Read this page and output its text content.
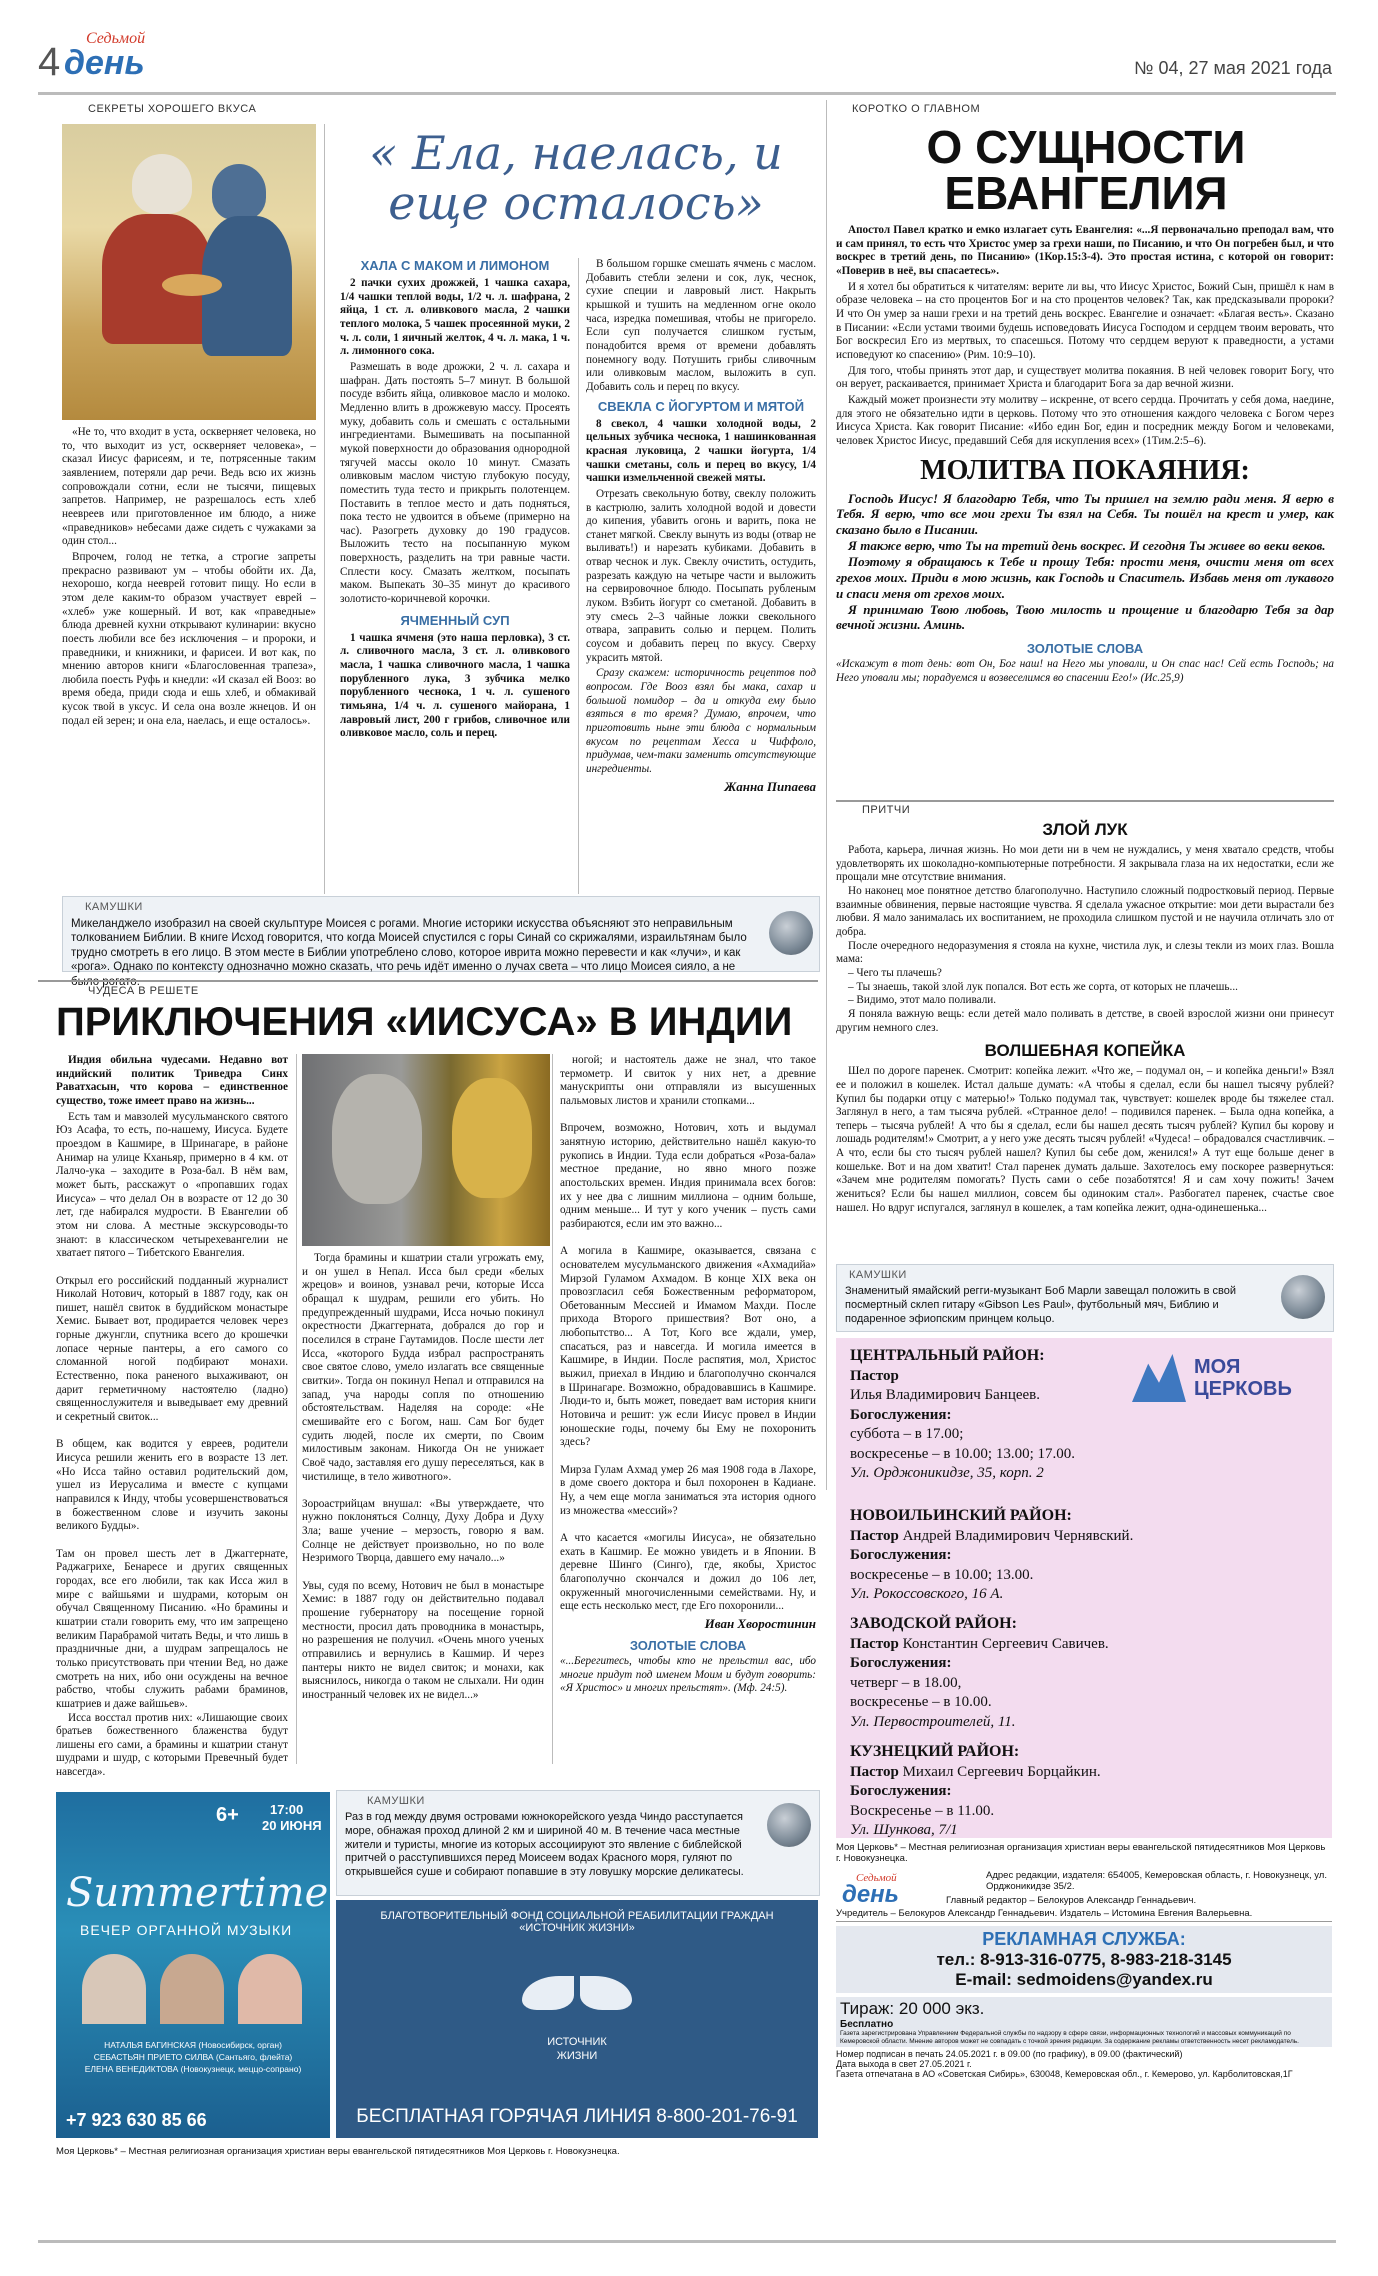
4
Седьмой
день	№ 04, 27 мая 2021 года
СЕКРЕТЫ ХОРОШЕГО ВКУСА

«Не то, что входит в уста, оскверняет человека, но то, что выходит из уст, оскверняет человека», – сказал Иисус фарисеям, и те, потрясенные таким заявлением, потеряли дар речи. Ведь всю их жизнь сопровождали сотни, если не тысячи, пищевых запретов. Например, не разрешалось есть хлеб неевреев или приготовленное им блюдо, а ниже «праведников» небесами даже сидеть с чужаками за один стол...

Впрочем, голод не тетка, а строгие запреты прекрасно развивают ум – чтобы обойти их. Да, нехорошо, когда нееврей готовит пищу. Но если в этом деле каким-то образом участвует еврей – «хлеб» уже кошерный. И вот, как «праведные» блюда древней кухни открывают кулинарии: вкусно поесть любили все без исключения – и пророки, и праведники, и книжники, и фарисеи. И вот как, по мнению авторов книги «Благословенная трапеза», любила поесть Руфь и кнедли: «И сказал ей Вооз: во время обеда, приди сюда и ешь хлеб, и обмакивай кусок твой в уксус. И села она возле жнецов. И он подал ей зерен; и она ела, наелась, и еще осталось».

« Ела, наелась, и еще осталось»
ХАЛА С МАКОМ И ЛИМОНОМ

2 пачки сухих дрожжей, 1 чашка сахара, 1/4 чашки теплой воды, 1/2 ч. л. шафрана, 2 яйца, 1 ст. л. оливкового масла, 2 чашки теплого молока, 5 чашек просеянной муки, 2 ч. л. соли, 1 яичный желток, 4 ч. л. мака, 1 ч. л. лимонного сока.

Размешать в воде дрожжи, 2 ч. л. сахара и шафран. Дать постоять 5–7 минут. В большой посуде взбить яйца, оливковое масло и молоко. Медленно влить в дрожжевую массу. Просеять муку, добавить соль и смешать с остальными ингредиентами. Вымешивать на посыпанной мукой поверхности до образования однородной тягучей массы около 10 минут. Смазать оливковым маслом чистую глубокую посуду, поместить туда тесто и прикрыть полотенцем. Поставить в теплое место и дать подняться, пока тесто не удвоится в объеме (примерно на час). Разогреть духовку до 190 градусов. Выложить тесто на посыпанную муком поверхность, разделить на три равные части. Сплести косу. Смазать желтком, посыпать маком. Выпекать 30–35 минут до красивого золотисто-коричневой корочки.

ЯЧМЕННЫЙ СУП

1 чашка ячменя (это наша перловка), 3 ст. л. сливочного масла, 3 ст. л. оливкового масла, 1 чашка сливочного масла, 1 чашка порубленного лука, 3 зубчика мелко порубленного чеснока, 1 ч. л. сушеного тимьяна, 1/4 ч. л. сушеного майорана, 1 лавровый лист, 200 г грибов, сливочное или оливковое масло, соль и перец.

В большом горшке смешать ячмень с маслом. Добавить стебли зелени и сок, лук, чеснок, сухие специи и лавровый лист. Накрыть крышкой и тушить на медленном огне около часа, изредка помешивая, чтобы не пригорело. Если суп получается слишком густым, понадобится время от времени добавлять понемногу воду. Потушить грибы сливочным или оливковым маслом, выложить в суп. Добавить соль и перец по вкусу.

СВЕКЛА С ЙОГУРТОМ И МЯТОЙ

8 свекол, 4 чашки холодной воды, 2 цельных зубчика чеснока, 1 нашинкованная красная луковица, 2 чашки йогурта, 1/4 чашки сметаны, соль и перец во вкусу, 1/4 чашки измельченной свежей мяты.

Отрезать свекольную ботву, свеклу положить в кастрюлю, залить холодной водой и довести до кипения, убавить огонь и варить, пока не станет мягкой. Свеклу вынуть из воды (отвар не выливать!) и нарезать кубиками. Добавить в отвар чеснок и лук. Свеклу очистить, остудить, разрезать каждую на четыре части и выложить на сервировочное блюдо. Посыпать рубленым луком. Взбить йогурт со сметаной. Добавить в эту смесь 2–3 чайные ложки свекольного отвара, заправить солью и перцем. Полить соусом и добавить перец по вкусу. Сверху украсить мятой.

Сразу скажем: историчность рецептов под вопросом. Где Вооз взял бы мака, сахар и большой помидор – да и откуда ему было взяться в то время? Думаю, впрочем, что приготовить ныне эти блюда с нормальным вкусом по рецептам Хесса и Чиффоло, придумав, чем-таки заменить отсутствующие ингредиенты.

Жанна Пипаева
КАМУШКИ
Микеланджело изобразил на своей скульптуре Моисея с рогами. Многие историки искусства объясняют это неправильным толкованием Библии. В книге Исход говорится, что когда Моисей спустился с горы Синай со скрижалями, израильтянам было трудно смотреть в его лицо. В этом месте в Библии употреблено слово, которое иврита можно перевести и как «лучи», и как «рога». Однако по контексту однозначно можно сказать, что речь идёт именно о лучах света – что лицо Моисея сияло, а не было рогато.
КОРОТКО О ГЛАВНОМ
О СУЩНОСТИ
ЕВАНГЕЛИЯ

Апостол Павел кратко и емко излагает суть Евангелия: «...Я первоначально преподал вам, что и сам принял, то есть что Христос умер за грехи наши, по Писанию, и что Он погребен был, и что воскрес в третий день, по Писанию» (1Кор.15:3-4). Это простая истина, с которой он говорит: «Поверив в неё, вы спасаетесь».

И я хотел бы обратиться к читателям: верите ли вы, что Иисус Христос, Божий Сын, пришёл к нам в образе человека – на сто процентов Бог и на сто процентов человек? Так, как предсказывали пророки? И что Он умер за наши грехи и на третий день воскрес. Евангелие и означает: «Благая весть». Сказано в Писании: «Если устами твоими будешь исповедовать Иисуса Господом и сердцем твоим веровать, что Бог воскресил Его из мертвых, то спасешься. Потому что сердцем веруют к праведности, а устами исповедуют ко спасению» (Рим. 10:9–10).

Для того, чтобы принять этот дар, и существует молитва покаяния. В ней человек говорит Богу, что он верует, раскаивается, принимает Христа и благодарит Бога за дар вечной жизни.

Каждый может произнести эту молитву – искренне, от всего сердца. Прочитать у себя дома, наедине, для этого не обязательно идти в церковь. Потому что это отношения каждого человека с Богом через Иисуса Христа. Как говорит Писание: «Ибо един Бог, един и посредник между Богом и человеками, человек Христос Иисус, предавший Себя для искупления всех» (1Тим.2:5–6).

МОЛИТВА ПОКАЯНИЯ:

Господь Иисус! Я благодарю Тебя, что Ты пришел на землю ради меня. Я верю в Тебя. Я верю, что все мои грехи Ты взял на Себя. Ты пошёл на крест и умер, как сказано было в Писании.

Я также верю, что Ты на третий день воскрес. И сегодня Ты живее во веки веков.

Поэтому я обращаюсь к Тебе и прошу Тебя: прости меня, очисти меня от всех грехов моих. Приди в мою жизнь, как Господь и Спаситель. Избавь меня от лукавого и спаси меня от грехов моих.

Я принимаю Твою любовь, Твою милость и прощение и благодарю Тебя за дар вечной жизни. Аминь.

ЗОЛОТЫЕ СЛОВА

«Искажут в тот день: вот Он, Бог наш! на Него мы уповали, и Он спас нас! Сей есть Господь; на Него уповали мы; порадуемся и возвеселимся во спасении Его!» (Ис.25,9)

ПРИТЧИ
ЗЛОЙ ЛУК

Работа, карьера, личная жизнь. Но мои дети ни в чем не нуждались, у меня хватало средств, чтобы удовлетворять их шоколадно-компьютерные потребности. Я закрывала глаза на их недостатки, если же прощали мне отсутствие внимания.

Но наконец мое понятное детство благополучно. Наступило сложный подростковый период. Первые взаимные обвинения, первые настоящие чувства. Я сделала ужасное открытие: мои дети вырастали без любви. Я мало занималась их воспитанием, не проходила слишком пустой и не научила отличать зло от добра.

После очередного недоразумения я стояла на кухне, чистила лук, и слезы текли из моих глаз. Вошла мама:

– Чего ты плачешь?

– Ты знаешь, такой злой лук попался. Вот есть же сорта, от которых не плачешь...

– Видимо, этот мало поливали.

Я поняла важную вещь: если детей мало поливать в детстве, в своей взрослой жизни они принесут другим немного слез.

ВОЛШЕБНАЯ КОПЕЙКА

Шел по дороге паренек. Смотрит: копейка лежит. «Что же, – подумал он, – и копейка деньги!» Взял ее и положил в кошелек. Истал дальше думать: «А чтобы я сделал, если бы нашел тысячу рублей? Купил бы подарки отцу с матерью!» Только подумал так, чувствует: кошелек вроде бы тяжелее стал. Заглянул в него, а там тысяча рублей. «Странное дело! – подивился паренек. – Была одна копейка, а теперь – тысяча рублей! А что бы я сделал, если бы нашел десять тысяч рублей? Купил бы корову и лошадь родителям!» Смотрит, а у него уже десять тысяч рублей! «Чудеса! – обрадовался счастливчик. – А что, если бы сто тысяч рублей нашел? Купил бы себе дом, женился!» А тут еще больше денег в кошельке. Вот и на дом хватит! Стал паренек думать дальше. Захотелось ему поскорее развернуться: «Зачем мне родителям помогать? Пусть сами о себе позаботятся! Я и сам хочу пожить! Зачем жениться? Если бы нашел миллион, совсем бы одиноким стал». Разбогател паренек, счастье свое нашел. Но вдруг испугался, заглянул в кошелек, а там копейка лежит, одна-одинешенька...

КАМУШКИ
Знаменитый ямайский регги-музыкант Боб Марли завещал положить в свой посмертный склеп гитару «Gibson Les Paul», футбольный мяч, Библию и подаренное эфиопским принцем кольцо.
МОЯ
ЦЕРКОВЬ
ЦЕНТРАЛЬНЫЙ РАЙОН:
Пастор
Илья Владимирович Банцеев.
Богослужения:
суббота – в 17.00;
воскресенье – в 10.00; 13.00; 17.00.
Ул. Орджоникидзе, 35, корп. 2
НОВОИЛЬИНСКИЙ РАЙОН:
Пастор Андрей Владимирович Чернявский.
Богослужения:
воскресенье – в 10.00; 13.00.
Ул. Рокоссовского, 16 А.
ЗАВОДСКОЙ РАЙОН:
Пастор Константин Сергеевич Савичев.
Богослужения:
четверг – в 18.00,
воскресенье – в 10.00.
Ул. Первостроителей, 11.
КУЗНЕЦКИЙ РАЙОН:
Пастор Михаил Сергеевич Борцайкин.
Богослужения:
Воскресенье – в 11.00.
Ул. Шункова, 7/1
Моя Церковь* – Местная религиозная организация христиан веры евангельской пятидесятников Моя Церковь г. Новокузнецка.
ЧУДЕСА В РЕШЕТЕ
ПРИКЛЮЧЕНИЯ «ИИСУСА» В ИНДИИ

Индия обильна чудесами. Недавно вот индийский политик Триведра Синх Раватхасын, что корова – единственное существо, тоже имеет право на жизнь...

Есть там и мавзолей мусульманского святого Юз Асафа, то есть, по-нашему, Иисуса. Будете проездом в Кашмире, в Шринагаре, в районе Анимар на улице Кханьяр, примерно в 4 км. от Лалчо-ука – заходите в Роза-бал. В нём вам, может быть, расскажут о «пропавших годах Иисуса» – что делал Он в возрасте от 12 до 30 лет, где набирался мудрости. В Евангелии об этом ни слова. А местные экскурсоводы-то знают: в классическом четырехевангелии не хватает пятого – Тибетского Евангелия.

Открыл его российский подданный журналист Николай Нотович, который в 1887 году, как он пишет, нашёл свиток в буддийском монастыре Хемис. Бывает вот, продирается человек через горные джунгли, спутника всего до крошечки лопасе черные пантеры, а его самого со сломанной ногой подбирают монахи. Естественно, пока раненого выхаживают, он дарит герметичному настоятелю (ладно) священнослужителя и выведывает ему древний и секретный свиток...

В общем, как водится у евреев, родители Иисуса решили женить его в возрасте 13 лет. «Но Исса тайно оставил родительский дом, ушел из Иерусалима и вместе с купцами направился к Инду, чтобы усовершенствоваться в божественном слове и изучить законы великого Будды».

Там он провел шесть лет в Джаггернате, Раджагрихе, Бенаресе и других священных городах, все его любили, так как Исса жил в мире с вайшьями и шудрами, которым он обучал Священному Писанию. «Но брамины и кшатрии стали говорить ему, что им запрещено великим Парабрамой читать Веды, и что лишь в праздничные дни, а шудрам запрещалось не только присутствовать при чтении Вед, но даже смотреть на них, ибо они осуждены на вечное рабство, чтобы служить рабами браминов, кшатриев и даже вайшьев».

Исса восстал против них: «Лишающие своих братьев божественного блаженства будут лишены его сами, а брамины и кшатрии станут шудрами и шудр, с которыми Превечный будет навсегда».

Тогда брамины и кшатрии стали угрожать ему, и он ушел в Непал. Исса был среди «белых жрецов» и воинов, узнавал речи, которые Исса обращал к шудрам, решили его убить. Но предупрежденный шудрами, Исса ночью покинул окрестности Джаггерната, добрался до гор и поселился в стране Гаутамидов. После шести лет Исса, «которого Будда избрал распространять свое святое слово, умело излагать все священные свитки». Тогда он покинул Непал и отправился на запад, уча народы сопля по отношению обстоятельствам. Наделяя на сороде: «Не смешивайте его с Богом, наш. Сам Бог будет судить людей, после их смерти, по Своим милостивым законам. Никогда Он не унижает Своё чадо, заставляя его душу переселяться, как в чистилище, в тело животного».

Зороастрийцам внушал: «Вы утверждаете, что нужно поклоняться Солнцу, Духу Добра и Духу Зла; ваше учение – мерзость, говорю я вам. Солнце не действует произвольно, но по воле Незримого Творца, давшего ему начало...»

Увы, судя по всему, Нотович не был в монастыре Хемис: в 1887 году он действительно подавал прошение губернатору на посещение горной местности, просил дать проводника в монастырь, но разрешения не получил. «Очень много ученых отправились и вернулись в Кашмир. И через пантеры никто не видел свиток; и монахи, как выяснилось, никогда о таком не слыхали. Ни один иностранный человек их не видел...»

ногой; и настоятель даже не знал, что такое термометр. И свиток у них нет, а древние манускрипты они отправляли из высушенных пальмовых листов и хранили стопками...

Впрочем, возможно, Нотович, хоть и выдумал занятную историю, действительно нашёл какую-то рукопись в Индии. Туда если добраться «Роза-бала» местное предание, но явно много позже апостольских времен. Индия принимала всех богов: их у нее два с лишним миллиона – одним больше, одним меньше... И тут у кого ученик – пусть сами разбираются, если им это важно...

А могила в Кашмире, оказывается, связана с основателем мусульманского движения «Ахмадийа» Мирзой Гуламом Ахмадом. В конце XIX века он провозгласил себя Божественным реформатором, Обетованным Мессией и Имамом Махди. После прихода Второго пришествия? Вот оно, а любопытство... А Тот, Кого все ждали, умер, спасаться, раз и навсегда. И могила имеется в Кашмире, в Индии. После распятия, мол, Христос выжил, приехал в Индию и благополучно скончался в Шринагаре. Возможно, обрадовавшись в Кашмире. Люди-то и, быть может, поведает вам история книги Нотовича и решит: уж если Иисус провел в Индии юношеские годы, почему бы Ему не похоронить здесь?

Мирза Гулам Ахмад умер 26 мая 1908 года в Лахоре, в доме своего доктора и был похоронен в Кадиане. Ну, а чем еще могла заниматься эта история одного из множества «мессий»?

А что касается «могилы Иисуса», не обязательно ехать в Кашмир. Ее можно увидеть и в Японии. В деревне Шинго (Синго), где, якобы, Христос благополучно скончался и дожил до 106 лет, окруженный многочисленными семействами. Ну, и еще есть несколько мест, где Его похоронили...

Иван Хворостинин
ЗОЛОТЫЕ СЛОВА

«...Берегитесь, чтобы кто не прельстил вас, ибо многие придут под именем Моим и будут говорить: «Я Христос» и многих прельстят». (Мф. 24:5).

6+ 17:00
20 ИЮНЯ
Summertime
ВЕЧЕР ОРГАННОЙ МУЗЫКИ
НАТАЛЬЯ БАГИНСКАЯ (Новосибирск, орган)
СЕБАСТЬЯН ПРИЕТО СИЛВА (Сантьяго, флейта)
ЕЛЕНА ВЕНЕДИКТОВА (Новокузнецк, меццо-сопрано)
+7 923 630 85 66
КАМУШКИ
Раз в год между двумя островами южнокорейского уезда Чиндо расступается море, обнажая проход длиной 2 км и шириной 40 м. В течение часа местные жители и туристы, многие из которых ассоциируют это явление с библейской притчей о расступившихся перед Моисеем водах Красного моря, гуляют по открывшейся суше и собирают попавшие в эту ловушку морские деликатесы.
БЛАГОТВОРИТЕЛЬНЫЙ ФОНД СОЦИАЛЬНОЙ РЕАБИЛИТАЦИИ ГРАЖДАН «ИСТОЧНИК ЖИЗНИ»
ИСТОЧНИК
ЖИЗНИ
БЕСПЛАТНАЯ ГОРЯЧАЯ ЛИНИЯ 8-800-201-76-91
Седьмой
день
Адрес редакции, издателя: 654005, Кемеровская область, г. Новокузнецк, ул. Орджоникидзе 35/2.
Главный редактор – Белокуров Александр Геннадьевич.
Учредитель – Белокуров Александр Геннадьевич. Издатель – Истомина Евгения Валерьевна.
РЕКЛАМНАЯ СЛУЖБА:
тел.: 8-913-316-0775, 8-983-218-3145
E-mail: sedmoidens@yandex.ru
Тираж: 20 000 экз.
Бесплатно
Газета зарегистрирована Управлением Федеральной службы по надзору в сфере связи, информационных технологий и массовых коммуникаций по Кемеровской области. Мнение авторов может не совпадать с точкой зрения редакции. За содержание рекламы ответственность несет рекламодатель.
Номер подписан в печать 24.05.2021 г. в 09.00 (по графику), в 09.00 (фактический)
Дата выхода в свет 27.05.2021 г.
Газета отпечатана в АО «Советская Сибирь», 630048, Кемеровская обл., г. Кемерово, ул. Карболитовская,1Г
Моя Церковь* – Местная религиозная организация христиан веры евангельской пятидесятников Моя Церковь г. Новокузнецка.
